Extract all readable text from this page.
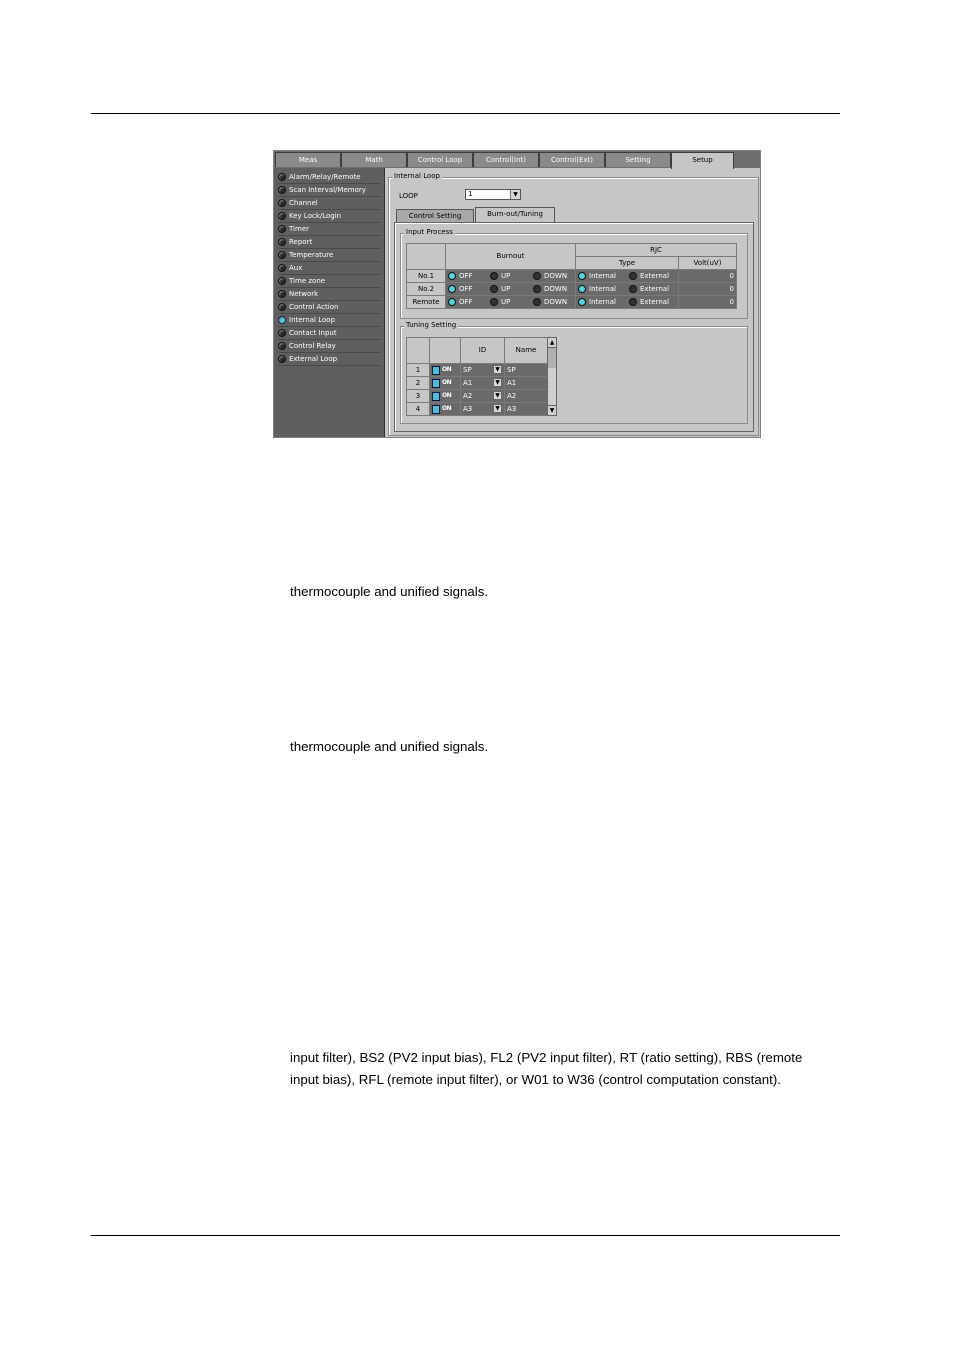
Meas	Math	Control Loop	Control(Int)	Control(Ext)	Setting	Setup
Alarm/Relay/Remote
Scan Interval/Memory
Channel
Key Lock/Login
Timer
Report
Temperature
Aux
Time zone
Network
Control Action
Internal Loop
Contact Input
Control Relay
External Loop
Internal Loop
LOOP	1	▼
Control Setting	Burn-out/Tuning
Input Process
Burnout
RJC
Type	Volt(uV)
No.1	OFF	UP	DOWN	Internal	External	0
No.2	OFF	UP	DOWN	Internal	External	0
Remote	OFF	UP	DOWN	Internal	External	0
Tuning Setting
ID	Name
1	ON	SP	▼	SP
2	ON	A1	▼	A1
3	ON	A2	▼	A2
4	ON	A3	▼	A3
▲
▼
thermocouple and unified signals.
thermocouple and unified signals.
input filter), BS2 (PV2 input bias), FL2 (PV2 input filter), RT (ratio setting), RBS (remote
input bias), RFL (remote input filter), or W01 to W36 (control computation constant).
